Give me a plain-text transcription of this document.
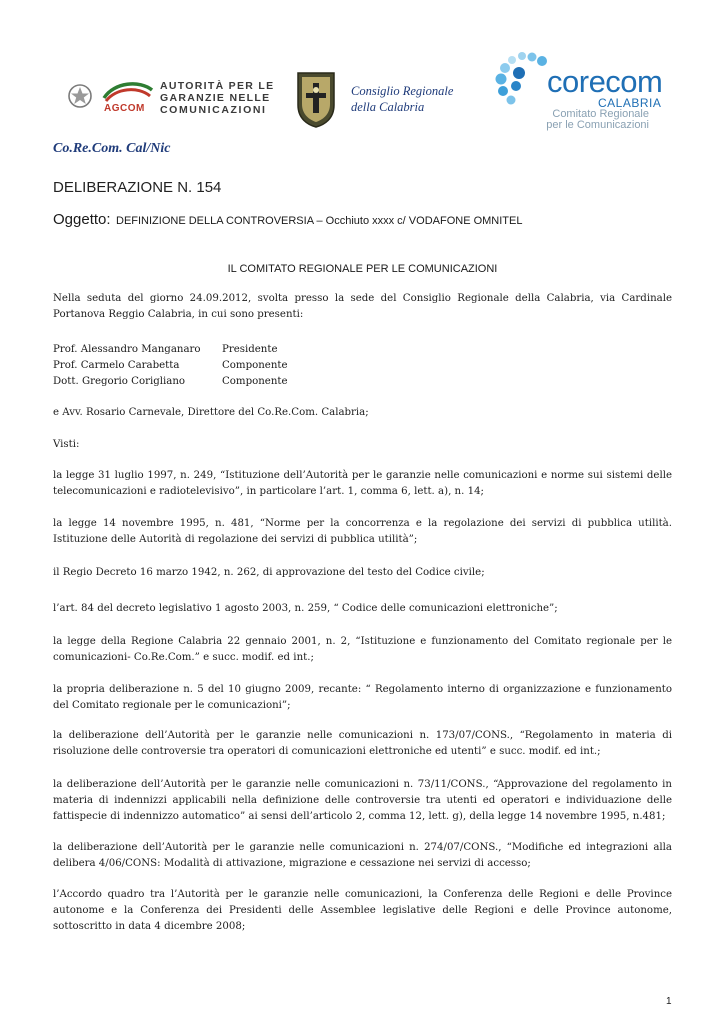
AUTORITÀ PER LE
GARANZIE NELLE
COMUNICAZIONI
AGCOM
Consiglio Regionale
della Calabria
corecom
CALABRIA
Comitato Regionale
per le Comunicazioni
Co.Re.Com. Cal/Nic
DELIBERAZIONE N. 154
Oggetto: DEFINIZIONE DELLA CONTROVERSIA – Occhiuto xxxx c/ VODAFONE OMNITEL
IL COMITATO REGIONALE PER LE COMUNICAZIONI

Nella seduta del giorno 24.09.2012, svolta presso la sede del Consiglio Regionale della Calabria, via Cardinale Portanova Reggio Calabria, in cui sono presenti:

Prof. Alessandro Manganaro Presidente
Prof. Carmelo Carabetta	Componente
Dott. Gregorio Corigliano	Componente

e Avv. Rosario Carnevale, Direttore del Co.Re.Com. Calabria;

Visti:

la legge 31 luglio 1997, n. 249, “Istituzione dell’Autorità per le garanzie nelle comunicazioni e norme sui sistemi delle telecomunicazioni e radiotelevisivo”, in particolare l’art. 1, comma 6, lett. a), n. 14;

la legge 14 novembre 1995, n. 481, “Norme per la concorrenza e la regolazione dei servizi di pubblica utilità. Istituzione delle Autorità di regolazione dei servizi di pubblica utilità”;

il Regio Decreto 16 marzo 1942, n. 262, di approvazione del testo del Codice civile;

l’art. 84 del decreto legislativo 1 agosto 2003, n. 259, “ Codice delle comunicazioni elettroniche”;

la legge della Regione Calabria 22 gennaio 2001, n. 2, “Istituzione e funzionamento del Comitato regionale per le comunicazioni- Co.Re.Com.” e succ. modif. ed int.;

la propria deliberazione n. 5 del 10 giugno 2009, recante: “ Regolamento interno di organizzazione e funzionamento del Comitato regionale per le comunicazioni”;

la deliberazione dell’Autorità per le garanzie nelle comunicazioni n. 173/07/CONS., “Regolamento in materia di risoluzione delle controversie tra operatori di comunicazioni elettroniche ed utenti” e succ. modif. ed int.;

la deliberazione dell’Autorità per le garanzie nelle comunicazioni n. 73/11/CONS., “Approvazione del regolamento in materia di indennizzi applicabili nella definizione delle controversie tra utenti ed operatori e individuazione delle fattispecie di indennizzo automatico” ai sensi dell’articolo 2, comma 12, lett. g), della legge 14 novembre 1995, n.481;

la deliberazione dell’Autorità per le garanzie nelle comunicazioni n. 274/07/CONS., “Modifiche ed integrazioni alla delibera 4/06/CONS: Modalità di attivazione, migrazione e cessazione nei servizi di accesso;

l’Accordo quadro tra l’Autorità per le garanzie nelle comunicazioni, la Conferenza delle Regioni e delle Province autonome e la Conferenza dei Presidenti delle Assemblee legislative delle Regioni e delle Province autonome, sottoscritto in data 4 dicembre 2008;

1
